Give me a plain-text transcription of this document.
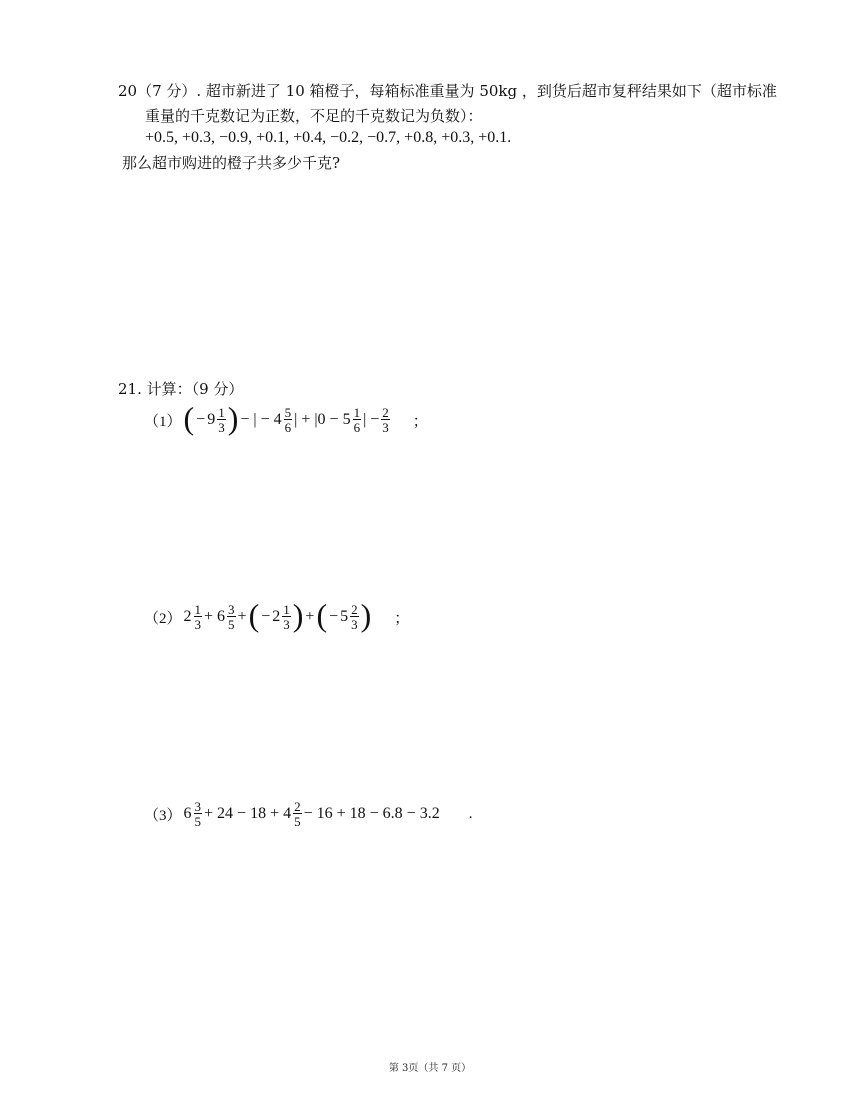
20（7 分）. 超市新进了 10 箱橙子，每箱标准重量为 50kg ，到货后超市复秤结果如下（超市标准
重量的千克数记为正数，不足的千克数记为负数）：
+0.5, +0.3, −0.9, +0.1, +0.4, −0.2, −0.7, +0.8, +0.3, +0.1.
那么超市购进的橙子共多少千克?
21. 计算：（9 分）
（1） ( − $9 \frac{1}{3}$ ) − | − $4 \frac{5}{6}$ | + $|0 - 5 \frac{1}{6}$ | − $\frac{2}{3}$ ；
（2） $2 \frac{1}{3} + 6 \frac{3}{5}$ + ( − $2 \frac{1}{3}$ ) + ( − $5 \frac{2}{3}$ ) ；
（3） $6 \frac{3}{5} + 24 - 18 + 4 \frac{2}{5} - 16 + 18 - 6.8 - 3.2$ .
第 3页（共 7 页）
